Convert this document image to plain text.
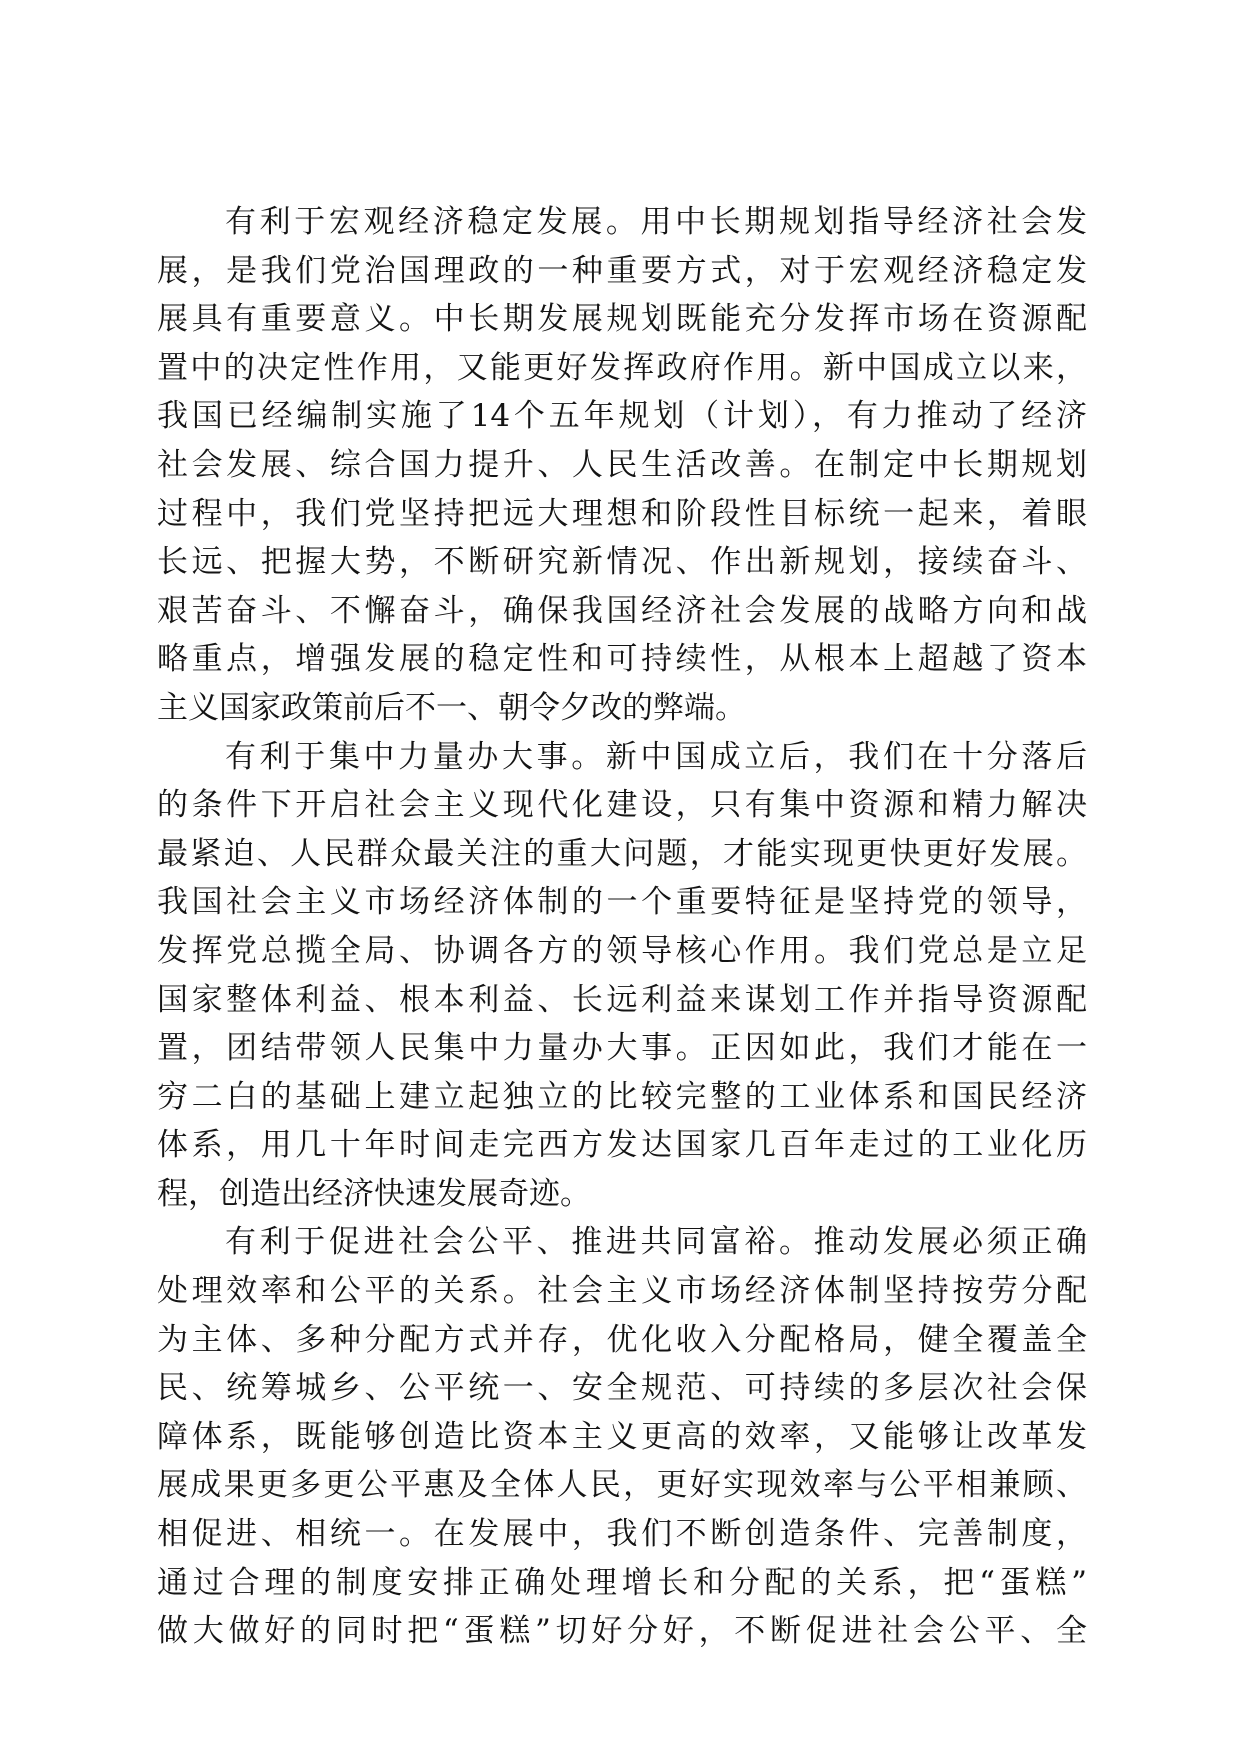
有利于宏观经济稳定发展。用中长期规划指导经济社会发
展，是我们党治国理政的一种重要方式，对于宏观经济稳定发
展具有重要意义。中长期发展规划既能充分发挥市场在资源配
置中的决定性作用，又能更好发挥政府作用。新中国成立以来，
我国已经编制实施了14个五年规划（计划），有力推动了经济
社会发展、综合国力提升、人民生活改善。在制定中长期规划
过程中，我们党坚持把远大理想和阶段性目标统一起来，着眼
长远、把握大势，不断研究新情况、作出新规划，接续奋斗、
艰苦奋斗、不懈奋斗，确保我国经济社会发展的战略方向和战
略重点，增强发展的稳定性和可持续性，从根本上超越了资本
主义国家政策前后不一、朝令夕改的弊端。
有利于集中力量办大事。新中国成立后，我们在十分落后
的条件下开启社会主义现代化建设，只有集中资源和精力解决
最紧迫、人民群众最关注的重大问题，才能实现更快更好发展。
我国社会主义市场经济体制的一个重要特征是坚持党的领导，
发挥党总揽全局、协调各方的领导核心作用。我们党总是立足
国家整体利益、根本利益、长远利益来谋划工作并指导资源配
置，团结带领人民集中力量办大事。正因如此，我们才能在一
穷二白的基础上建立起独立的比较完整的工业体系和国民经济
体系，用几十年时间走完西方发达国家几百年走过的工业化历
程，创造出经济快速发展奇迹。
有利于促进社会公平、推进共同富裕。推动发展必须正确
处理效率和公平的关系。社会主义市场经济体制坚持按劳分配
为主体、多种分配方式并存，优化收入分配格局，健全覆盖全
民、统筹城乡、公平统一、安全规范、可持续的多层次社会保
障体系，既能够创造比资本主义更高的效率，又能够让改革发
展成果更多更公平惠及全体人民，更好实现效率与公平相兼顾、
相促进、相统一。在发展中，我们不断创造条件、完善制度，
通过合理的制度安排正确处理增长和分配的关系，把“蛋糕”
做大做好的同时把“蛋糕”切好分好，不断促进社会公平、全
